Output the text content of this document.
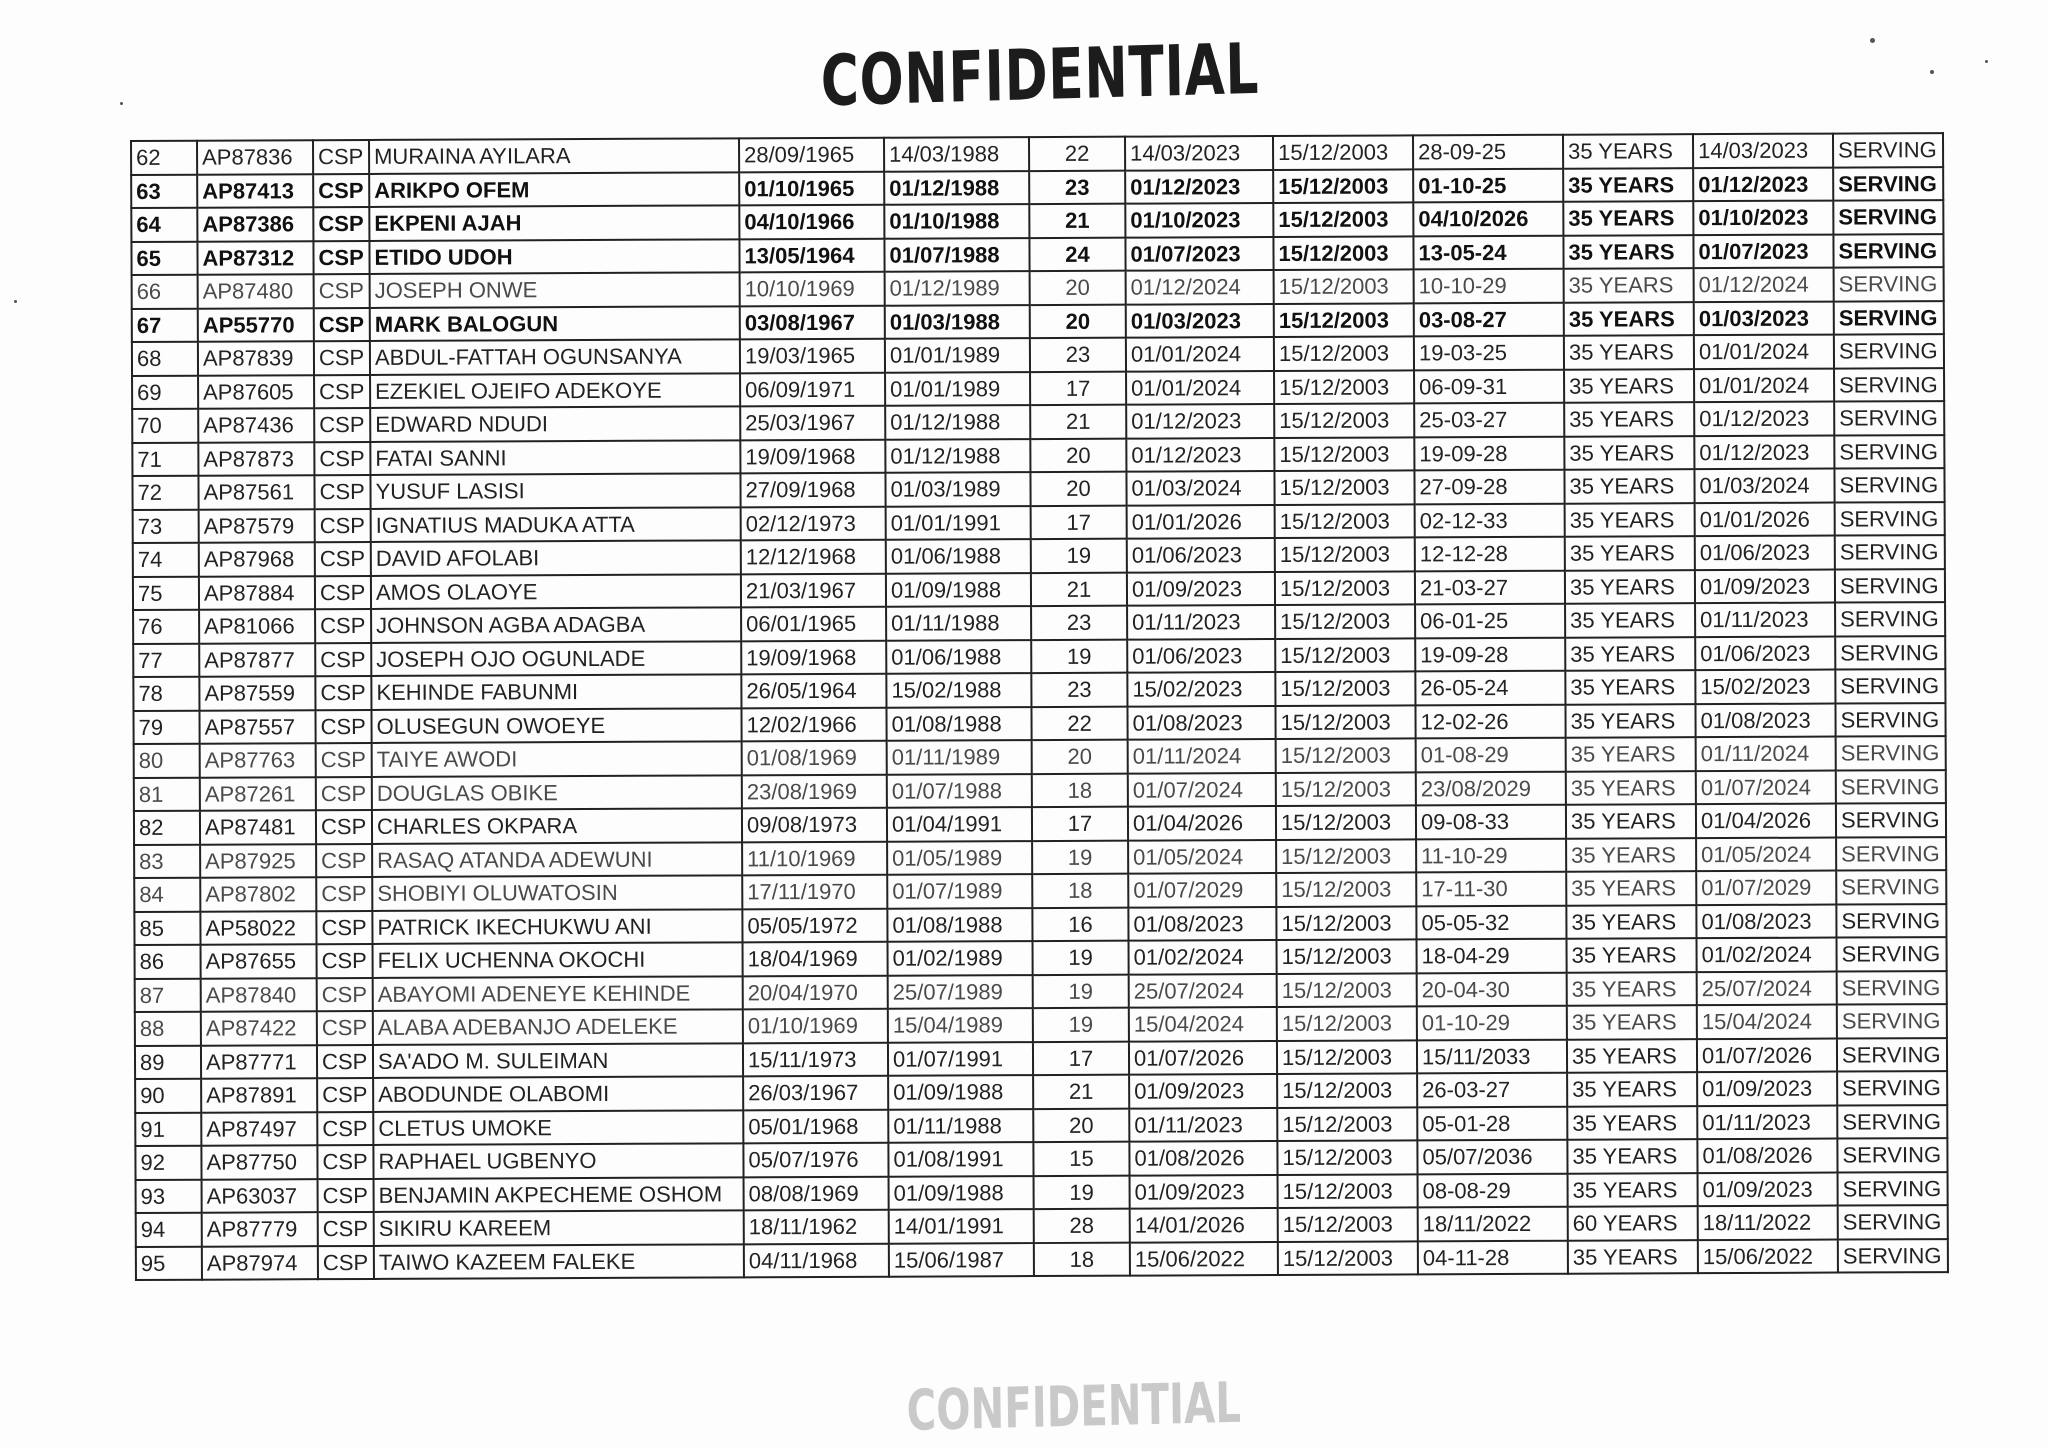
CONFIDENTIAL
62	AP87836	CSP	MURAINA AYILARA	28/09/1965	14/03/1988	22	14/03/2023	15/12/2003	28-09-25	35 YEARS	14/03/2023	SERVING
63	AP87413	CSP	ARIKPO OFEM	01/10/1965	01/12/1988	23	01/12/2023	15/12/2003	01-10-25	35 YEARS	01/12/2023	SERVING
64	AP87386	CSP	EKPENI AJAH	04/10/1966	01/10/1988	21	01/10/2023	15/12/2003	04/10/2026	35 YEARS	01/10/2023	SERVING
65	AP87312	CSP	ETIDO UDOH	13/05/1964	01/07/1988	24	01/07/2023	15/12/2003	13-05-24	35 YEARS	01/07/2023	SERVING
66	AP87480	CSP	JOSEPH ONWE	10/10/1969	01/12/1989	20	01/12/2024	15/12/2003	10-10-29	35 YEARS	01/12/2024	SERVING
67	AP55770	CSP	MARK BALOGUN	03/08/1967	01/03/1988	20	01/03/2023	15/12/2003	03-08-27	35 YEARS	01/03/2023	SERVING
68	AP87839	CSP	ABDUL-FATTAH OGUNSANYA	19/03/1965	01/01/1989	23	01/01/2024	15/12/2003	19-03-25	35 YEARS	01/01/2024	SERVING
69	AP87605	CSP	EZEKIEL OJEIFO ADEKOYE	06/09/1971	01/01/1989	17	01/01/2024	15/12/2003	06-09-31	35 YEARS	01/01/2024	SERVING
70	AP87436	CSP	EDWARD NDUDI	25/03/1967	01/12/1988	21	01/12/2023	15/12/2003	25-03-27	35 YEARS	01/12/2023	SERVING
71	AP87873	CSP	FATAI SANNI	19/09/1968	01/12/1988	20	01/12/2023	15/12/2003	19-09-28	35 YEARS	01/12/2023	SERVING
72	AP87561	CSP	YUSUF LASISI	27/09/1968	01/03/1989	20	01/03/2024	15/12/2003	27-09-28	35 YEARS	01/03/2024	SERVING
73	AP87579	CSP	IGNATIUS MADUKA ATTA	02/12/1973	01/01/1991	17	01/01/2026	15/12/2003	02-12-33	35 YEARS	01/01/2026	SERVING
74	AP87968	CSP	DAVID AFOLABI	12/12/1968	01/06/1988	19	01/06/2023	15/12/2003	12-12-28	35 YEARS	01/06/2023	SERVING
75	AP87884	CSP	AMOS OLAOYE	21/03/1967	01/09/1988	21	01/09/2023	15/12/2003	21-03-27	35 YEARS	01/09/2023	SERVING
76	AP81066	CSP	JOHNSON AGBA ADAGBA	06/01/1965	01/11/1988	23	01/11/2023	15/12/2003	06-01-25	35 YEARS	01/11/2023	SERVING
77	AP87877	CSP	JOSEPH OJO OGUNLADE	19/09/1968	01/06/1988	19	01/06/2023	15/12/2003	19-09-28	35 YEARS	01/06/2023	SERVING
78	AP87559	CSP	KEHINDE FABUNMI	26/05/1964	15/02/1988	23	15/02/2023	15/12/2003	26-05-24	35 YEARS	15/02/2023	SERVING
79	AP87557	CSP	OLUSEGUN OWOEYE	12/02/1966	01/08/1988	22	01/08/2023	15/12/2003	12-02-26	35 YEARS	01/08/2023	SERVING
80	AP87763	CSP	TAIYE AWODI	01/08/1969	01/11/1989	20	01/11/2024	15/12/2003	01-08-29	35 YEARS	01/11/2024	SERVING
81	AP87261	CSP	DOUGLAS OBIKE	23/08/1969	01/07/1988	18	01/07/2024	15/12/2003	23/08/2029	35 YEARS	01/07/2024	SERVING
82	AP87481	CSP	CHARLES OKPARA	09/08/1973	01/04/1991	17	01/04/2026	15/12/2003	09-08-33	35 YEARS	01/04/2026	SERVING
83	AP87925	CSP	RASAQ ATANDA ADEWUNI	11/10/1969	01/05/1989	19	01/05/2024	15/12/2003	11-10-29	35 YEARS	01/05/2024	SERVING
84	AP87802	CSP	SHOBIYI OLUWATOSIN	17/11/1970	01/07/1989	18	01/07/2029	15/12/2003	17-11-30	35 YEARS	01/07/2029	SERVING
85	AP58022	CSP	PATRICK IKECHUKWU ANI	05/05/1972	01/08/1988	16	01/08/2023	15/12/2003	05-05-32	35 YEARS	01/08/2023	SERVING
86	AP87655	CSP	FELIX UCHENNA OKOCHI	18/04/1969	01/02/1989	19	01/02/2024	15/12/2003	18-04-29	35 YEARS	01/02/2024	SERVING
87	AP87840	CSP	ABAYOMI ADENEYE KEHINDE	20/04/1970	25/07/1989	19	25/07/2024	15/12/2003	20-04-30	35 YEARS	25/07/2024	SERVING
88	AP87422	CSP	ALABA ADEBANJO ADELEKE	01/10/1969	15/04/1989	19	15/04/2024	15/12/2003	01-10-29	35 YEARS	15/04/2024	SERVING
89	AP87771	CSP	SA'ADO M. SULEIMAN	15/11/1973	01/07/1991	17	01/07/2026	15/12/2003	15/11/2033	35 YEARS	01/07/2026	SERVING
90	AP87891	CSP	ABODUNDE OLABOMI	26/03/1967	01/09/1988	21	01/09/2023	15/12/2003	26-03-27	35 YEARS	01/09/2023	SERVING
91	AP87497	CSP	CLETUS UMOKE	05/01/1968	01/11/1988	20	01/11/2023	15/12/2003	05-01-28	35 YEARS	01/11/2023	SERVING
92	AP87750	CSP	RAPHAEL UGBENYO	05/07/1976	01/08/1991	15	01/08/2026	15/12/2003	05/07/2036	35 YEARS	01/08/2026	SERVING
93	AP63037	CSP	BENJAMIN AKPECHEME OSHOM	08/08/1969	01/09/1988	19	01/09/2023	15/12/2003	08-08-29	35 YEARS	01/09/2023	SERVING
94	AP87779	CSP	SIKIRU KAREEM	18/11/1962	14/01/1991	28	14/01/2026	15/12/2003	18/11/2022	60 YEARS	18/11/2022	SERVING
95	AP87974	CSP	TAIWO KAZEEM FALEKE	04/11/1968	15/06/1987	18	15/06/2022	15/12/2003	04-11-28	35 YEARS	15/06/2022	SERVING
CONFIDENTIAL
